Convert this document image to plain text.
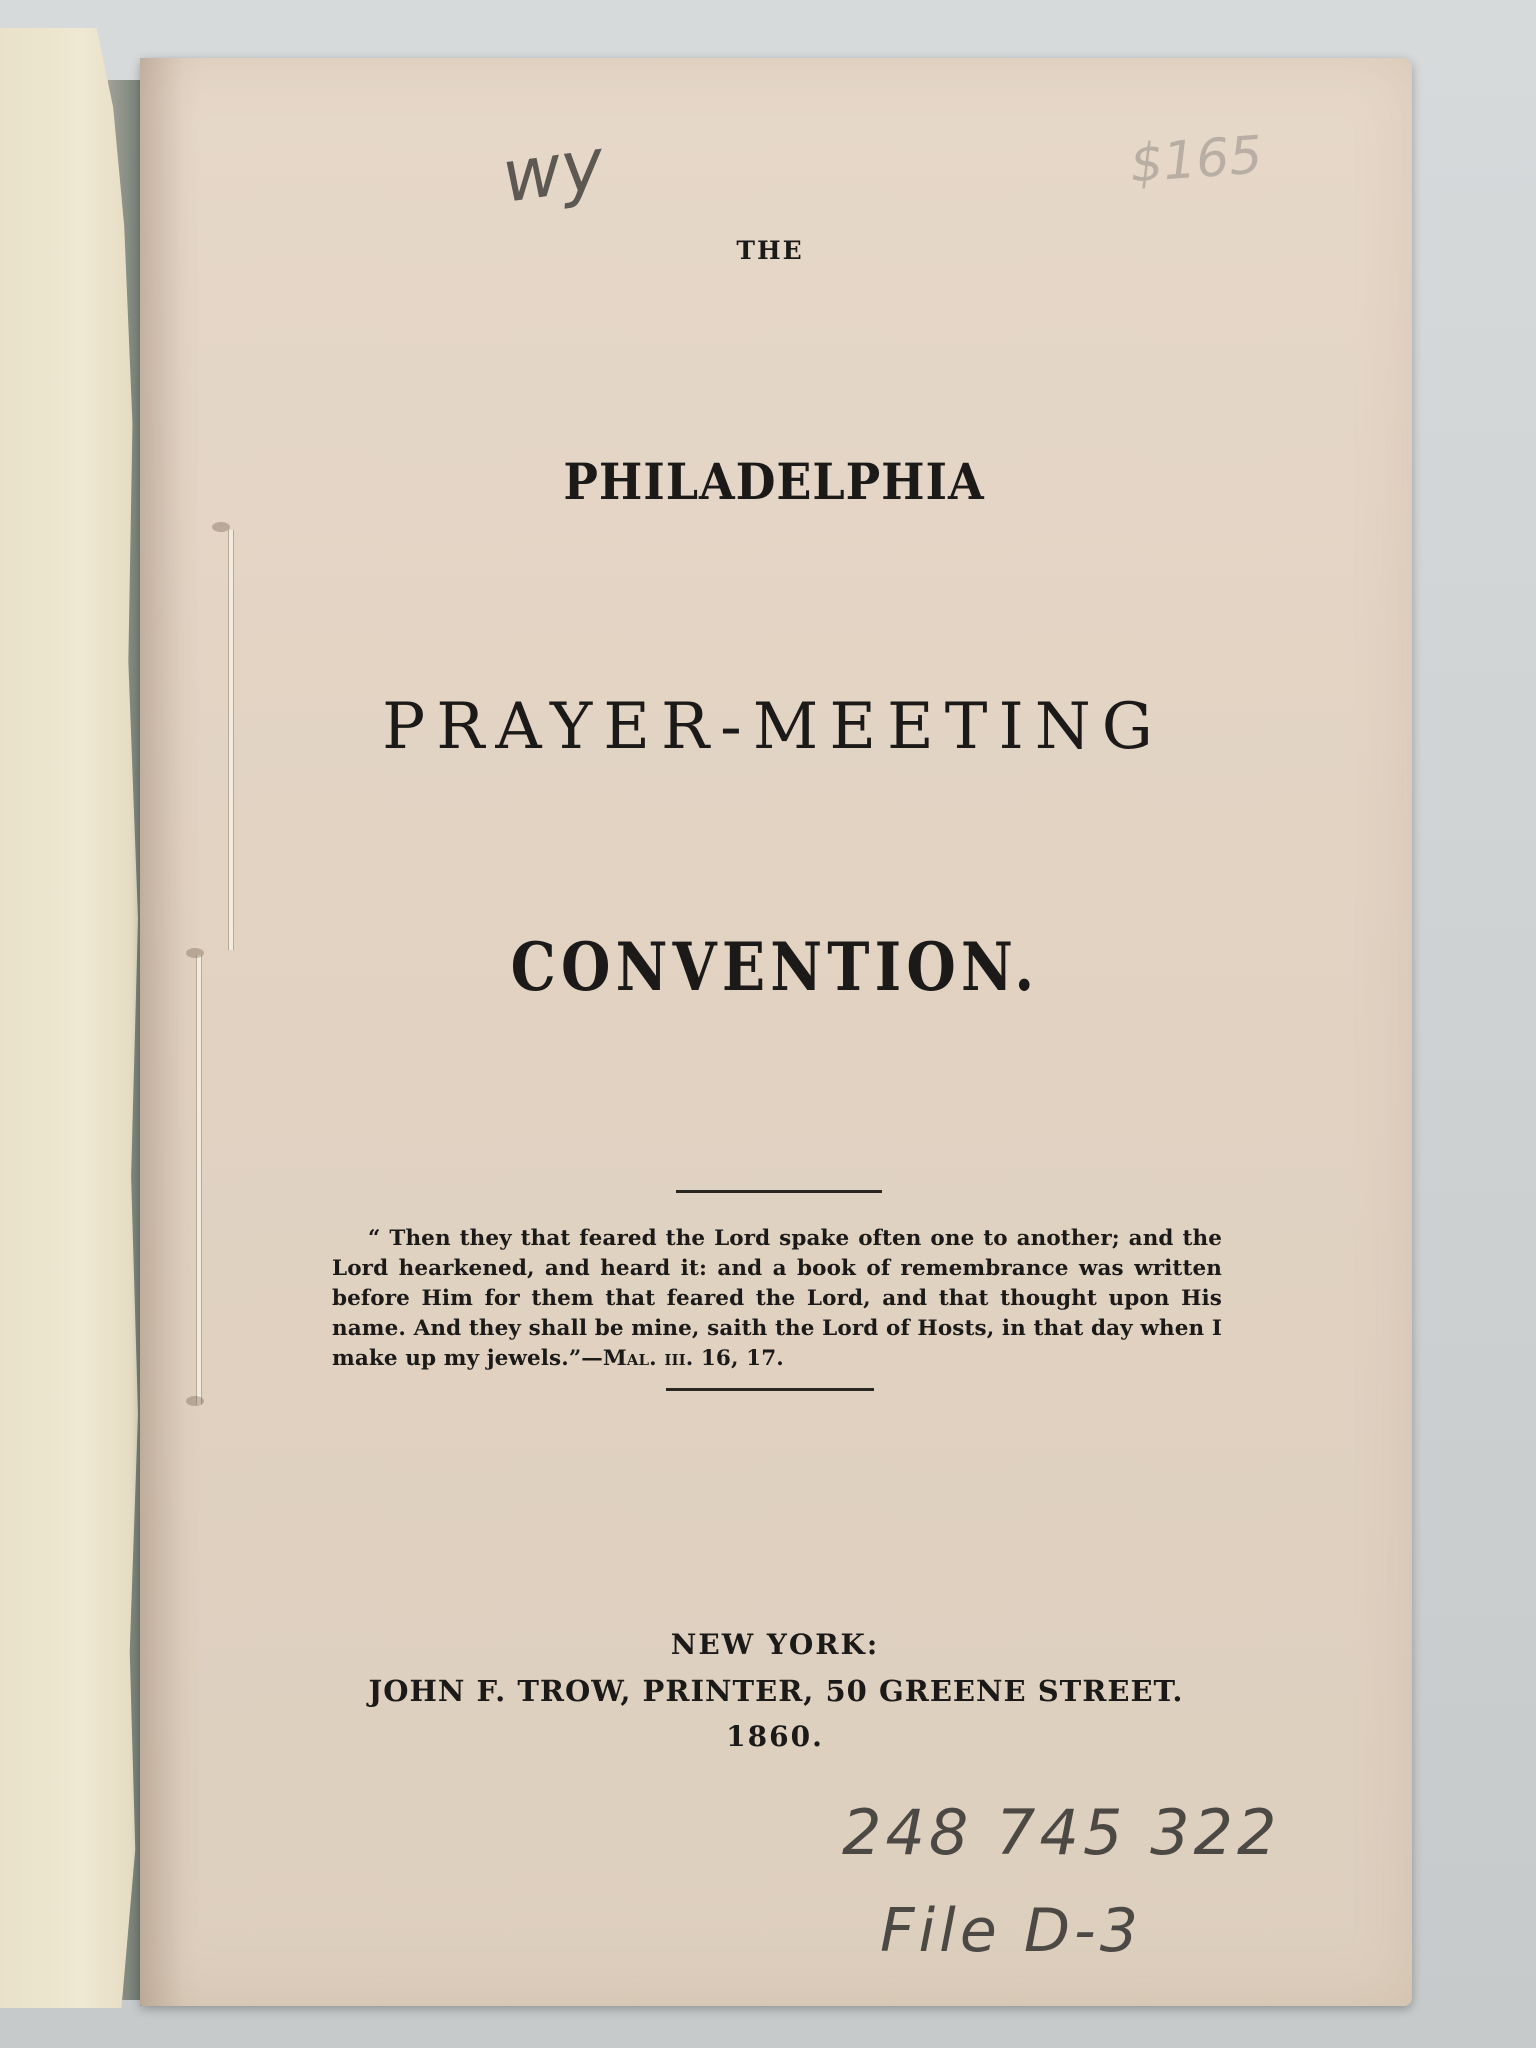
wy	$165
THE
PHILADELPHIA
PRAYER-MEETING
CONVENTION.
“ Then they that feared the Lord spake often one to another; and the Lord hearkened, and heard it: and a book of remembrance was written before Him for them that feared the Lord, and that thought upon His name. And they shall be mine, saith the Lord of Hosts, in that day when I make up my jewels.”—Mal. iii. 16, 17.
NEW YORK:
JOHN F. TROW, PRINTER, 50 GREENE STREET.
1860.
248 745 322
File D-3
